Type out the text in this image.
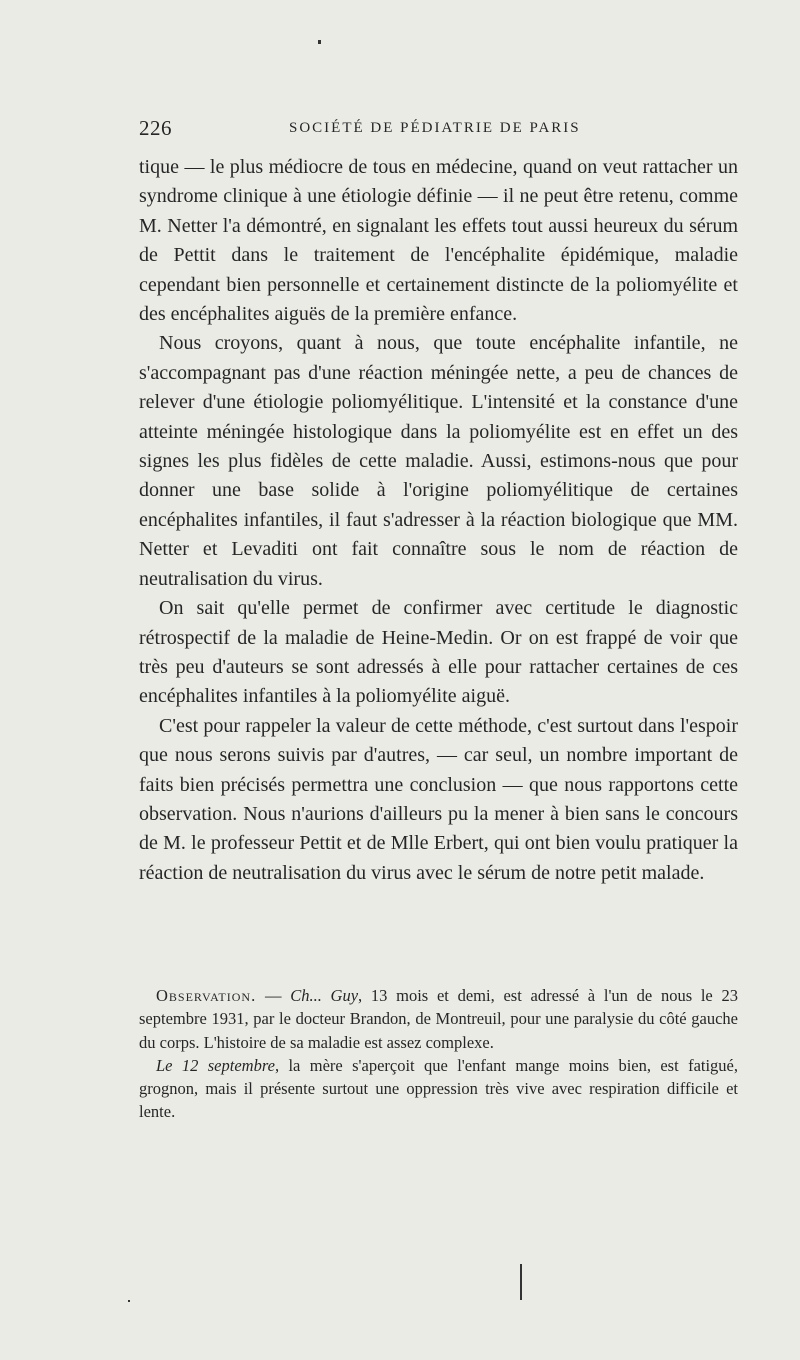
226	SOCIÉTÉ DE PÉDIATRIE DE PARIS

tique — le plus médiocre de tous en médecine, quand on veut rattacher un syndrome clinique à une étiologie définie — il ne peut être retenu, comme M. Netter l'a démontré, en signalant les effets tout aussi heureux du sérum de Pettit dans le traitement de l'encéphalite épidémique, maladie cependant bien personnelle et certainement distincte de la poliomyélite et des encéphalites aiguës de la première enfance.

Nous croyons, quant à nous, que toute encéphalite infantile, ne s'accompagnant pas d'une réaction méningée nette, a peu de chances de relever d'une étiologie poliomyélitique. L'intensité et la constance d'une atteinte méningée histologique dans la poliomyélite est en effet un des signes les plus fidèles de cette maladie. Aussi, estimons-nous que pour donner une base solide à l'origine poliomyélitique de certaines encéphalites infantiles, il faut s'adresser à la réaction biologique que MM. Netter et Levaditi ont fait connaître sous le nom de réaction de neutralisation du virus.

On sait qu'elle permet de confirmer avec certitude le diagnostic rétrospectif de la maladie de Heine-Medin. Or on est frappé de voir que très peu d'auteurs se sont adressés à elle pour rattacher certaines de ces encéphalites infantiles à la poliomyélite aiguë.

C'est pour rappeler la valeur de cette méthode, c'est surtout dans l'espoir que nous serons suivis par d'autres, — car seul, un nombre important de faits bien précisés permettra une conclusion — que nous rapportons cette observation. Nous n'aurions d'ailleurs pu la mener à bien sans le concours de M. le professeur Pettit et de Mlle Erbert, qui ont bien voulu pratiquer la réaction de neutralisation du virus avec le sérum de notre petit malade.

Observation. — Ch... Guy, 13 mois et demi, est adressé à l'un de nous le 23 septembre 1931, par le docteur Brandon, de Montreuil, pour une paralysie du côté gauche du corps. L'histoire de sa maladie est assez complexe.

Le 12 septembre, la mère s'aperçoit que l'enfant mange moins bien, est fatigué, grognon, mais il présente surtout une oppression très vive avec respiration difficile et lente.
